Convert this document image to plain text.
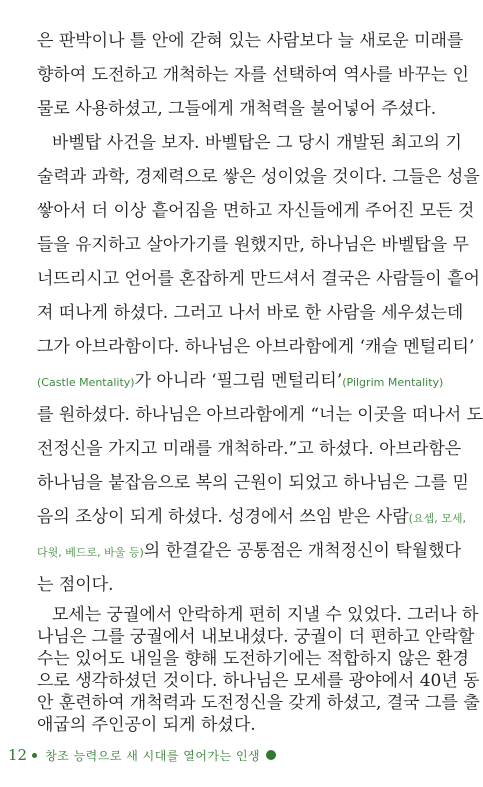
은 판박이나 틀 안에 갇혀 있는 사람보다 늘 새로운 미래를
향하여 도전하고 개척하는 자를 선택하여 역사를 바꾸는 인
물로 사용하셨고, 그들에게 개척력을 불어넣어 주셨다.
바벨탑 사건을 보자. 바벨탑은 그 당시 개발된 최고의 기
술력과 과학, 경제력으로 쌓은 성이었을 것이다. 그들은 성을
쌓아서 더 이상 흩어짐을 면하고 자신들에게 주어진 모든 것
들을 유지하고 살아가기를 원했지만, 하나님은 바벨탑을 무
너뜨리시고 언어를 혼잡하게 만드셔서 결국은 사람들이 흩어
져 떠나게 하셨다. 그러고 나서 바로 한 사람을 세우셨는데
그가 아브라함이다. 하나님은 아브라함에게 ‘캐슬 멘털리티’
(Castle Mentality)가 아니라 ‘필그림 멘털리티’(Pilgrim Mentality)
를 원하셨다. 하나님은 아브라함에게 “너는 이곳을 떠나서 도
전정신을 가지고 미래를 개척하라.”고 하셨다. 아브라함은
하나님을 붙잡음으로 복의 근원이 되었고 하나님은 그를 믿
음의 조상이 되게 하셨다. 성경에서 쓰임 받은 사람(요셉, 모세,
다윗, 베드로, 바울 등)의 한결같은 공통점은 개척정신이 탁월했다
는 점이다.
모세는 궁궐에서 안락하게 편히 지낼 수 있었다. 그러나 하
나님은 그를 궁궐에서 내보내셨다. 궁궐이 더 편하고 안락할
수는 있어도 내일을 향해 도전하기에는 적합하지 않은 환경
으로 생각하셨던 것이다. 하나님은 모세를 광야에서 40년 동
안 훈련하여 개척력과 도전정신을 갖게 하셨고, 결국 그를 출
애굽의 주인공이 되게 하셨다.
12 창조 능력으로 새 시대를 열어가는 인생
